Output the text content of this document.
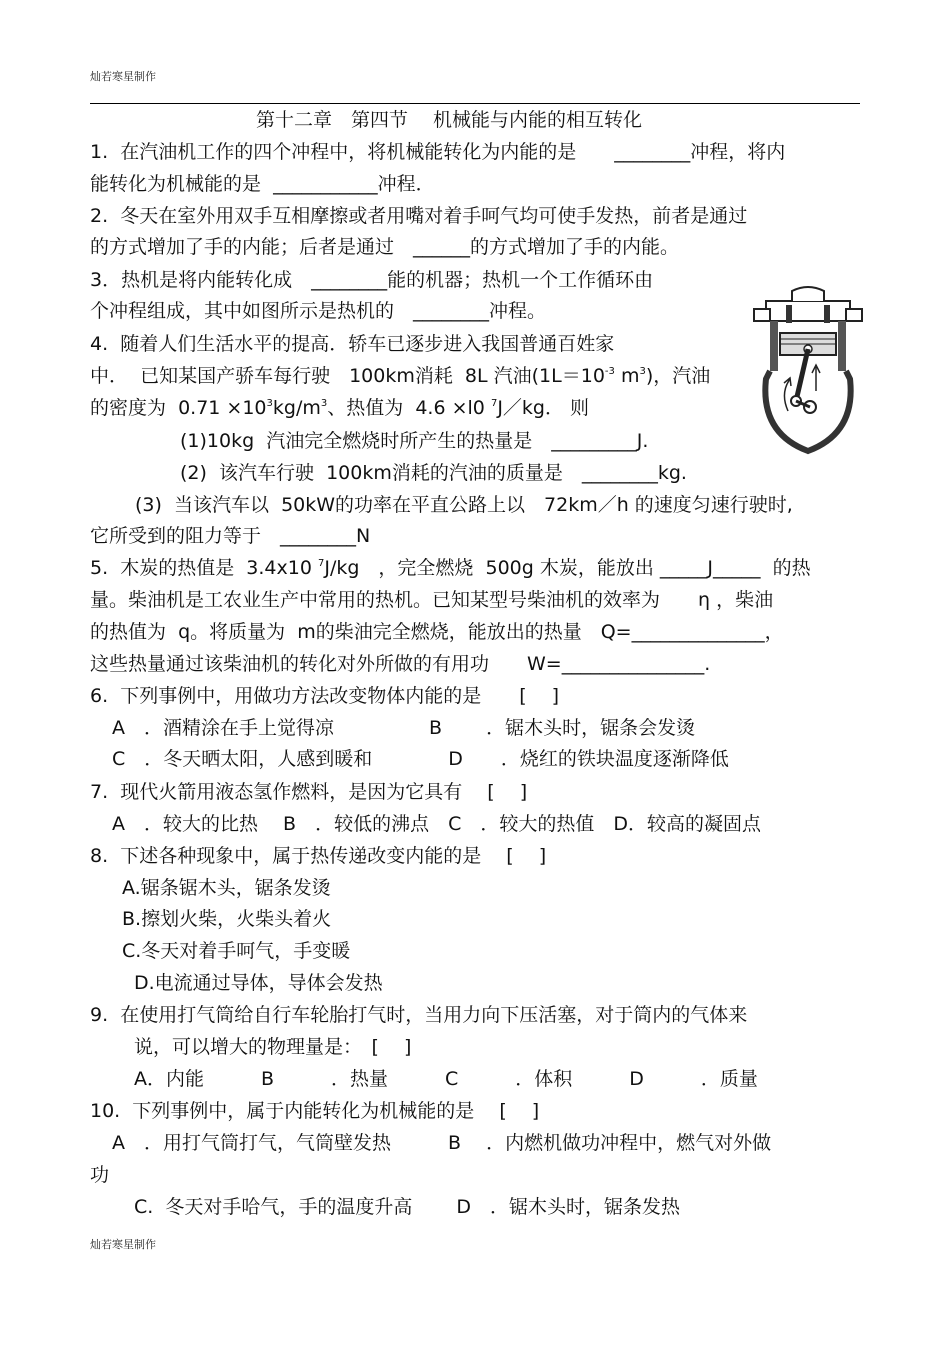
灿若寒星制作
第十二章　第四节　 机械能与内能的相互转化
1.  在汽油机工作的四个冲程中，将机械能转化为内能的是　　________冲程，将内
能转化为机械能的是  ___________冲程．
2.  冬天在室外用双手互相摩擦或者用嘴对着手呵气均可使手发热，前者是通过
的方式增加了手的内能；后者是通过　______的方式增加了手的内能。
3．热机是将内能转化成　________能的机器；热机一个工作循环由
个冲程组成，其中如图所示是热机的　________冲程。
4.  随着人们生活水平的提高．轿车已逐步进入我国普通百姓家
中．  已知某国产骄车每行驶　100km消耗  8L 汽油($1L=10^{-3}$ $m^3$)，汽油
的密度为  $0.71 \times 10^3kg/m^3$、热值为  4.6 ×l0 $^7$J／kg． 则
(1)10kg  汽油完全燃烧时所产生的热量是　_________J.
(2)  该汽车行驶  100km消耗的汽油的质量是　________kg.
(3)  当该汽车以  50kW的功率在平直公路上以　72km／h 的速度匀速行驶时,
它所受到的阻力等于　________N
5.  木炭的热值是  3.4x10 $^7$J/kg　，完全燃烧  500g 木炭，能放出 _____J_____  的热
量。柴油机是工农业生产中常用的热机。已知某型号柴油机的效率为　　η ，柴油
的热值为  q。将质量为  m的柴油完全燃烧，能放出的热量　Q=______________，
这些热量通过该柴油机的转化对外所做的有用功　　W=_______________.
6.  下列事例中，用做功方法改变物体内能的是　　[　 ]
A　．酒精涂在手上觉得凉　　　　　B　　 ．锯木头时，锯条会发烫
C　．冬天晒太阳，人感到暖和　　　　D　　．烧红的铁块温度逐渐降低
7.  现代火箭用液态氢作燃料，是因为它具有　 [　 ]
A　．较大的比热　 B　．较低的沸点　C　．较大的热值　D．较高的凝固点
8.  下述各种现象中，属于热传递改变内能的是　 [　 ]
A.锯条锯木头，锯条发烫
B.擦划火柴，火柴头着火
C.冬天对着手呵气，手变暖
D.电流通过导体，导体会发热
9.  在使用打气筒给自行车轮胎打气时，当用力向下压活塞，对于筒内的气体来
说，可以增大的物理量是：　[　 ]
A．内能　　　B　　　．热量　　　C　　　．体积　　　D　　　．质量
10.  下列事例中，属于内能转化为机械能的是　 [　 ]
A　．用打气筒打气，气筒壁发热　　　B　 ．内燃机做功冲程中，燃气对外做
功
C.  冬天对手哈气，手的温度升高　　 D　．锯木头时，锯条发热
灿若寒星制作
